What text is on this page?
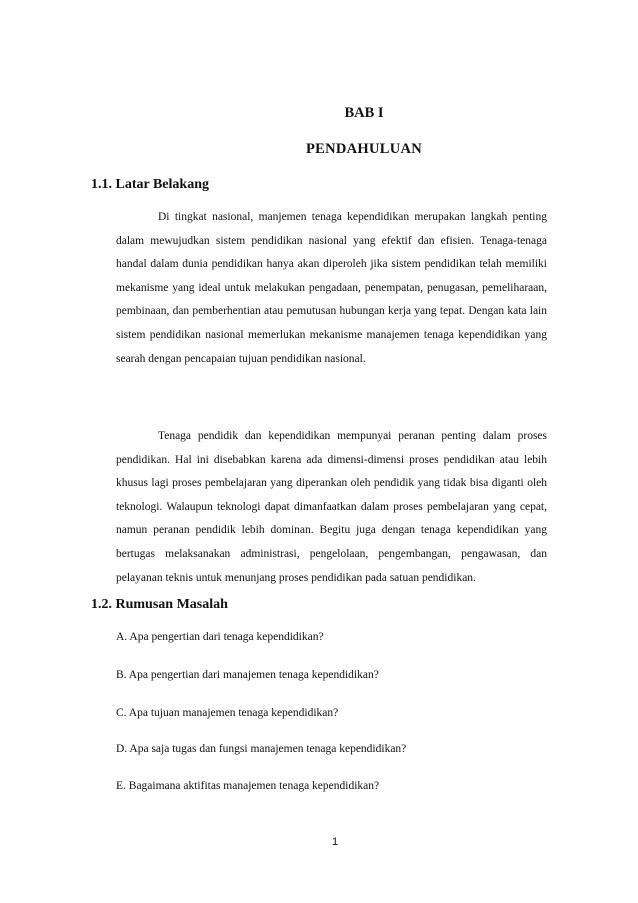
BAB I
PENDAHULUAN
1.1. Latar Belakang

Di tingkat nasional, manjemen tenaga kependidikan merupakan langkah penting dalam mewujudkan sistem pendidikan nasional yang efektif dan efisien. Tenaga-tenaga handal dalam dunia pendidikan hanya akan diperoleh jika sistem pendidikan telah memiliki mekanisme yang ideal untuk melakukan pengadaan, penempatan, penugasan, pemeliharaan, pembinaan, dan pemberhentian atau pemutusan hubungan kerja yang tepat. Dengan kata lain sistem pendidikan nasional memerlukan mekanisme manajemen tenaga kependidikan yang searah dengan pencapaian tujuan pendidikan nasional.

Tenaga pendidik dan kependidikan mempunyai peranan penting dalam proses pendidikan. Hal ini disebabkan karena ada dimensi-dimensi proses pendidikan atau lebih khusus lagi proses pembelajaran yang diperankan oleh pendidik yang tidak bisa diganti oleh teknologi. Walaupun teknologi dapat dimanfaatkan dalam proses pembelajaran yang cepat, namun peranan pendidik lebih dominan. Begitu juga dengan tenaga kependidikan yang bertugas melaksanakan administrasi, pengelolaan, pengembangan, pengawasan, dan pelayanan teknis untuk menunjang proses pendidikan pada satuan pendidikan.

1.2. Rumusan Masalah
A. Apa pengertian dari tenaga kependidikan?
B. Apa pengertian dari manajemen tenaga kependidikan?
C. Apa tujuan manajemen tenaga kependidikan?
D. Apa saja tugas dan fungsi manajemen tenaga kependidikan?
E. Bagaimana aktifitas manajemen tenaga kependidikan?
1
